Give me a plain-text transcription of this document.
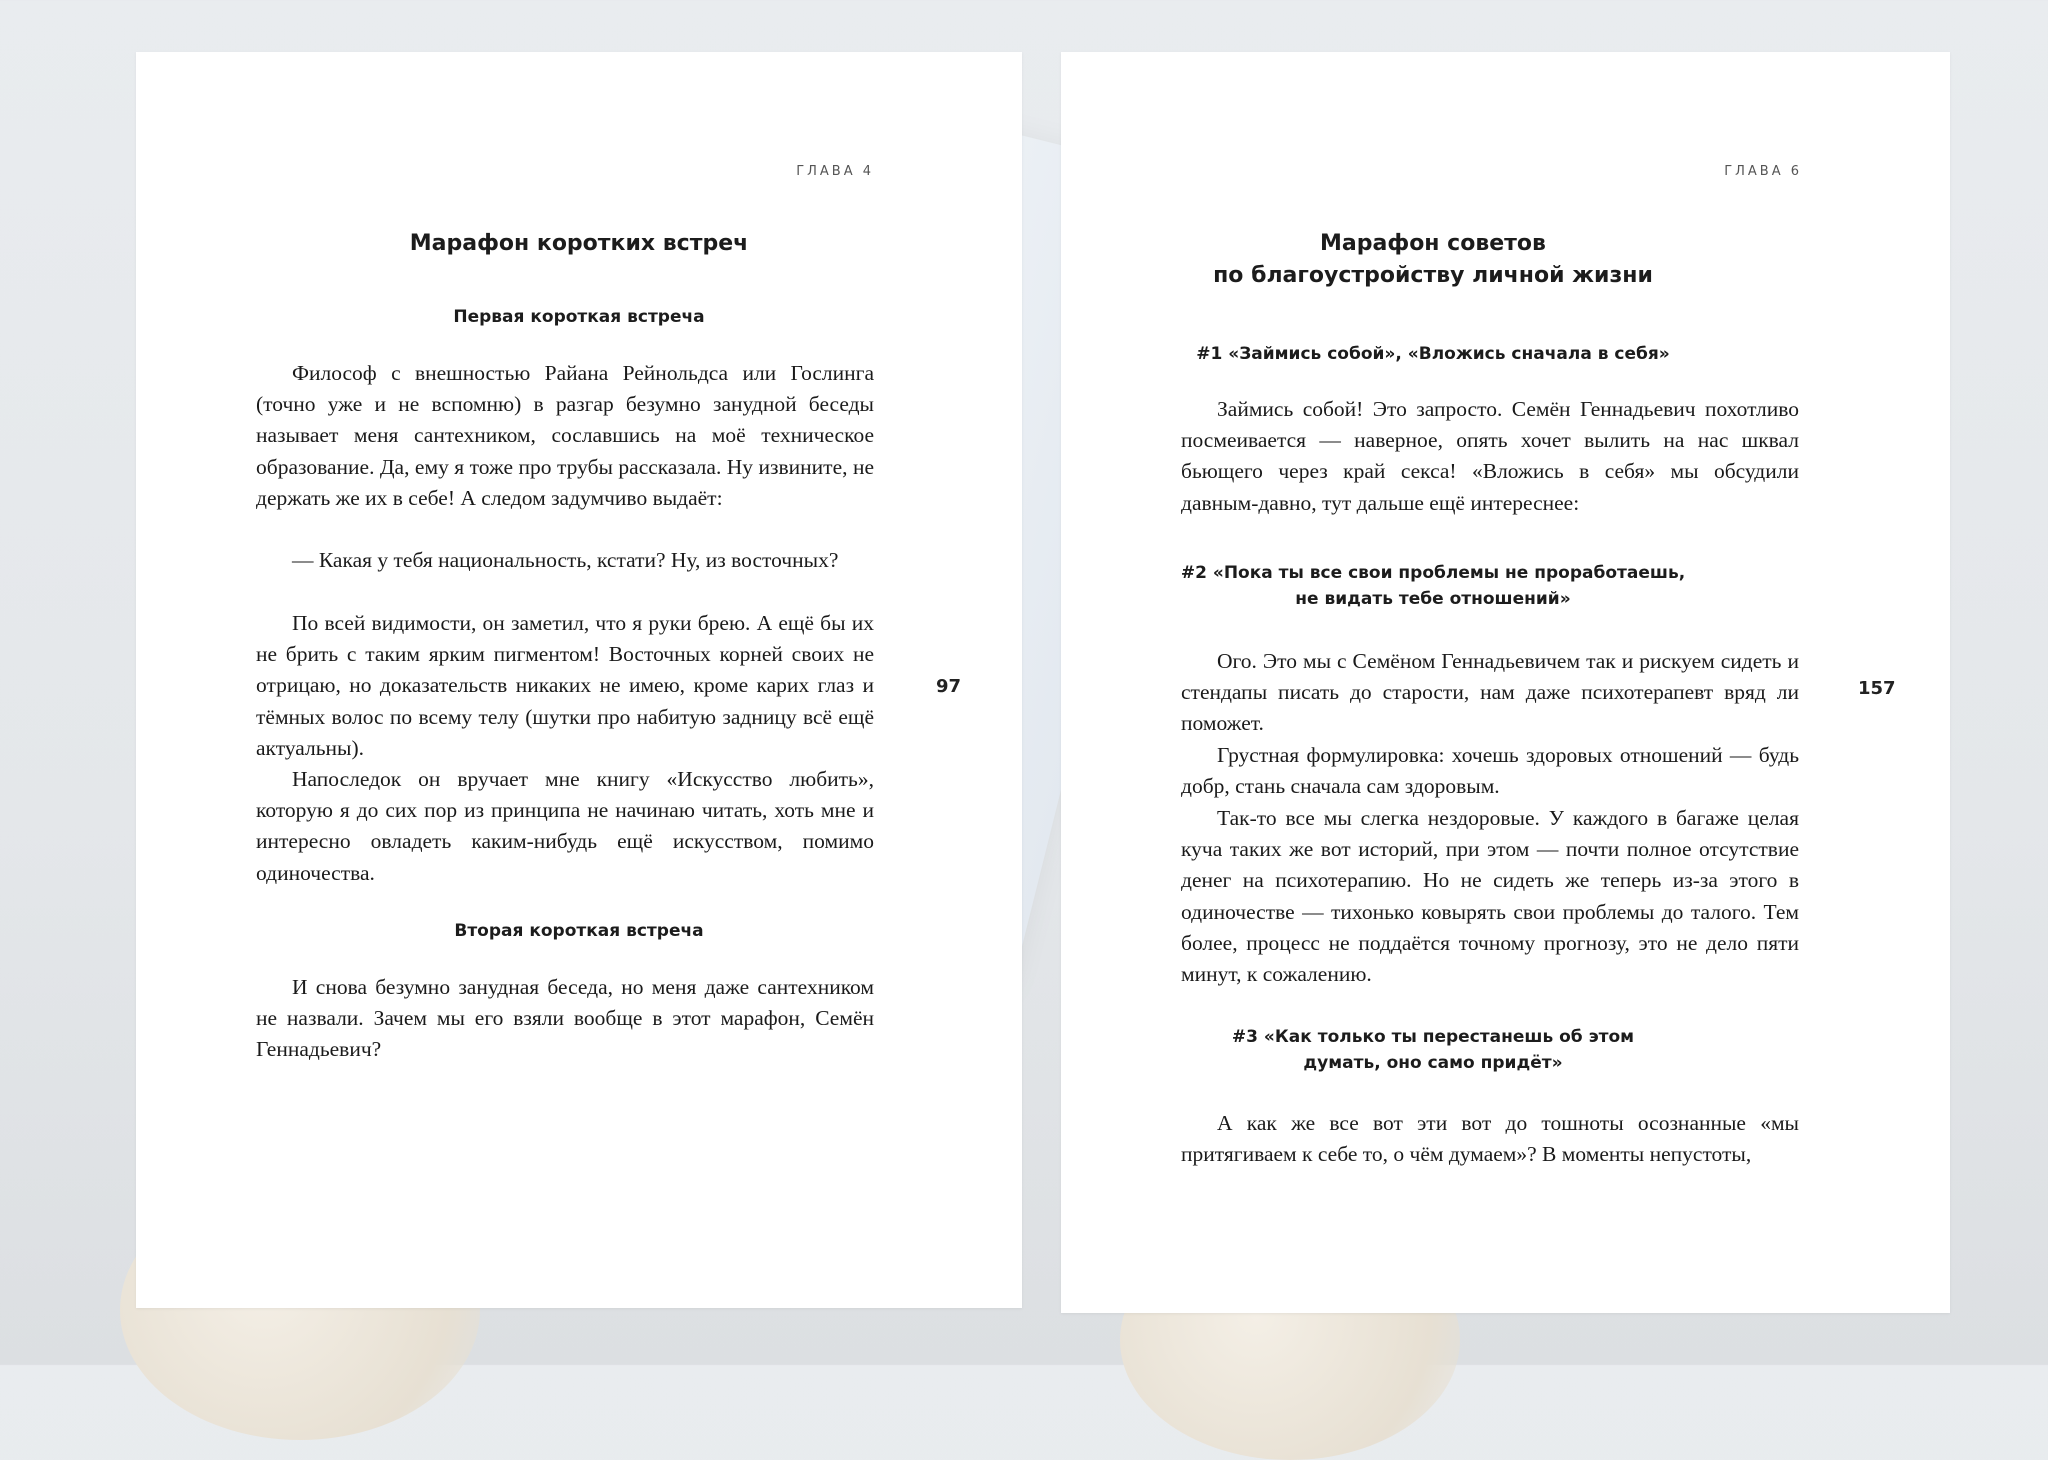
ГЛАВА 4
Марафон коротких встреч
Первая короткая встреча

Философ с внешностью Райана Рейнольдса или Гослинга (точно уже и не вспомню) в разгар безумно занудной беседы называет меня сантехником, сославшись на моё техническое образование. Да, ему я тоже про трубы рассказала. Ну извините, не держать же их в себе! А следом задумчиво выдаёт:

— Какая у тебя национальность, кстати? Ну, из восточных?

По всей видимости, он заметил, что я руки брею. А ещё бы их не брить с таким ярким пигментом! Восточных корней своих не отрицаю, но доказательств никаких не имею, кроме карих глаз и тёмных волос по всему телу (шутки про набитую задницу всё ещё актуальны).

Напоследок он вручает мне книгу «Искусство любить», которую я до сих пор из принципа не начинаю читать, хоть мне и интересно овладеть каким-нибудь ещё искусством, помимо одиночества.

Вторая короткая встреча

И снова безумно занудная беседа, но меня даже сантехником не назвали. Зачем мы его взяли вообще в этот марафон, Семён Геннадьевич?

97
ГЛАВА 6
Марафон советов
по благоустройству личной жизни
#1 «Займись собой», «Вложись сначала в себя»

Займись собой! Это запросто. Семён Геннадьевич похотливо посмеивается — наверное, опять хочет вылить на нас шквал бьющего через край секса! «Вложись в себя» мы обсудили давным-давно, тут дальше ещё интереснее:

#2 «Пока ты все свои проблемы не проработаешь,
не видать тебе отношений»

Ого. Это мы с Семёном Геннадьевичем так и рискуем сидеть и стендапы писать до старости, нам даже психотерапевт вряд ли поможет.

Грустная формулировка: хочешь здоровых отношений — будь добр, стань сначала сам здоровым.

Так-то все мы слегка нездоровые. У каждого в багаже целая куча таких же вот историй, при этом — почти полное отсутствие денег на психотерапию. Но не сидеть же теперь из-за этого в одиночестве — тихонько ковырять свои проблемы до талого. Тем более, процесс не поддаётся точному прогнозу, это не дело пяти минут, к сожалению.

#3 «Как только ты перестанешь об этом
думать, оно само придёт»

А как же все вот эти вот до тошноты осознанные «мы притягиваем к себе то, о чём думаем»? В моменты непустоты,

157
